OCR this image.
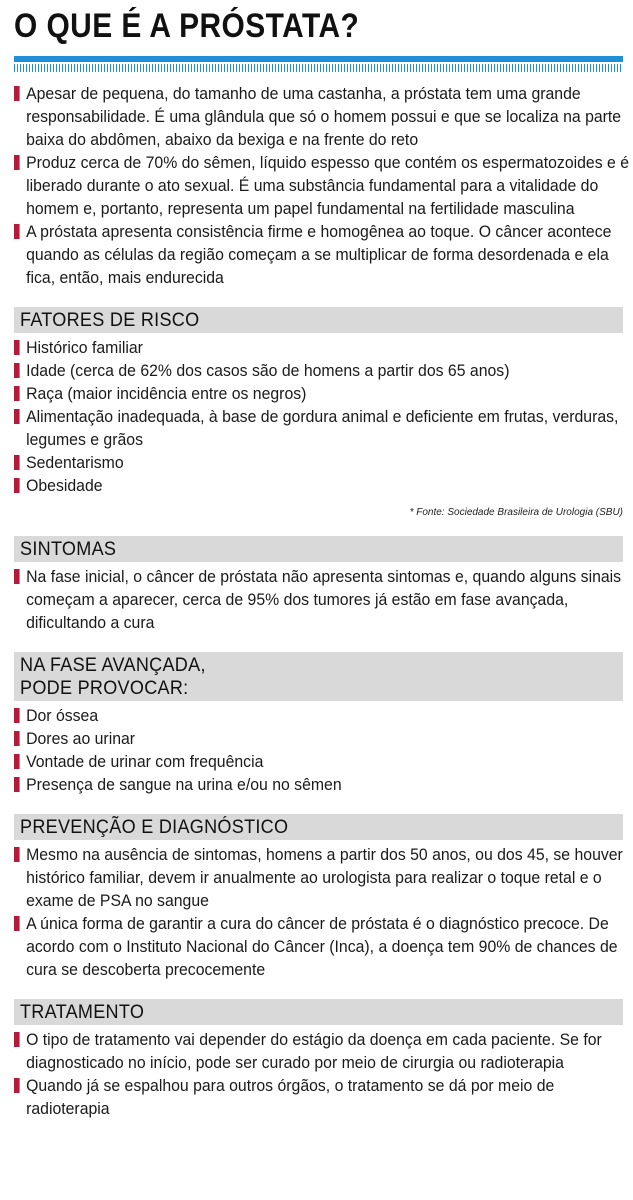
O QUE É A PRÓSTATA?
Apesar de pequena, do tamanho de uma castanha, a próstata tem uma grande responsabilidade. É uma glândula que só o homem possui e que se localiza na parte baixa do abdômen, abaixo da bexiga e na frente do reto
Produz cerca de 70% do sêmen, líquido espesso que contém os espermatozoides e é liberado durante o ato sexual. É uma substância fundamental para a vitalidade do homem e, portanto, representa um papel fundamental na fertilidade masculina
A próstata apresenta consistência firme e homogênea ao toque. O câncer acontece quando as células da região começam a se multiplicar de forma desordenada e ela fica, então, mais endurecida
FATORES DE RISCO
Histórico familiar
Idade (cerca de 62% dos casos são de homens a partir dos 65 anos)
Raça (maior incidência entre os negros)
Alimentação inadequada, à base de gordura animal e deficiente em frutas, verduras, legumes e grãos
Sedentarismo
Obesidade
* Fonte: Sociedade Brasileira de Urologia (SBU)
SINTOMAS
Na fase inicial, o câncer de próstata não apresenta sintomas e, quando alguns sinais começam a aparecer, cerca de 95% dos tumores já estão em fase avançada, dificultando a cura
NA FASE AVANÇADA,
PODE PROVOCAR:
Dor óssea
Dores ao urinar
Vontade de urinar com frequência
Presença de sangue na urina e/ou no sêmen
PREVENÇÃO E DIAGNÓSTICO
Mesmo na ausência de sintomas, homens a partir dos 50 anos, ou dos 45, se houver histórico familiar, devem ir anualmente ao urologista para realizar o toque retal e o exame de PSA no sangue
A única forma de garantir a cura do câncer de próstata é o diagnóstico precoce. De acordo com o Instituto Nacional do Câncer (Inca), a doença tem 90% de chances de cura se descoberta precocemente
TRATAMENTO
O tipo de tratamento vai depender do estágio da doença em cada paciente. Se for diagnosticado no início, pode ser curado por meio de cirurgia ou radioterapia
Quando já se espalhou para outros órgãos, o tratamento se dá por meio de radioterapia
